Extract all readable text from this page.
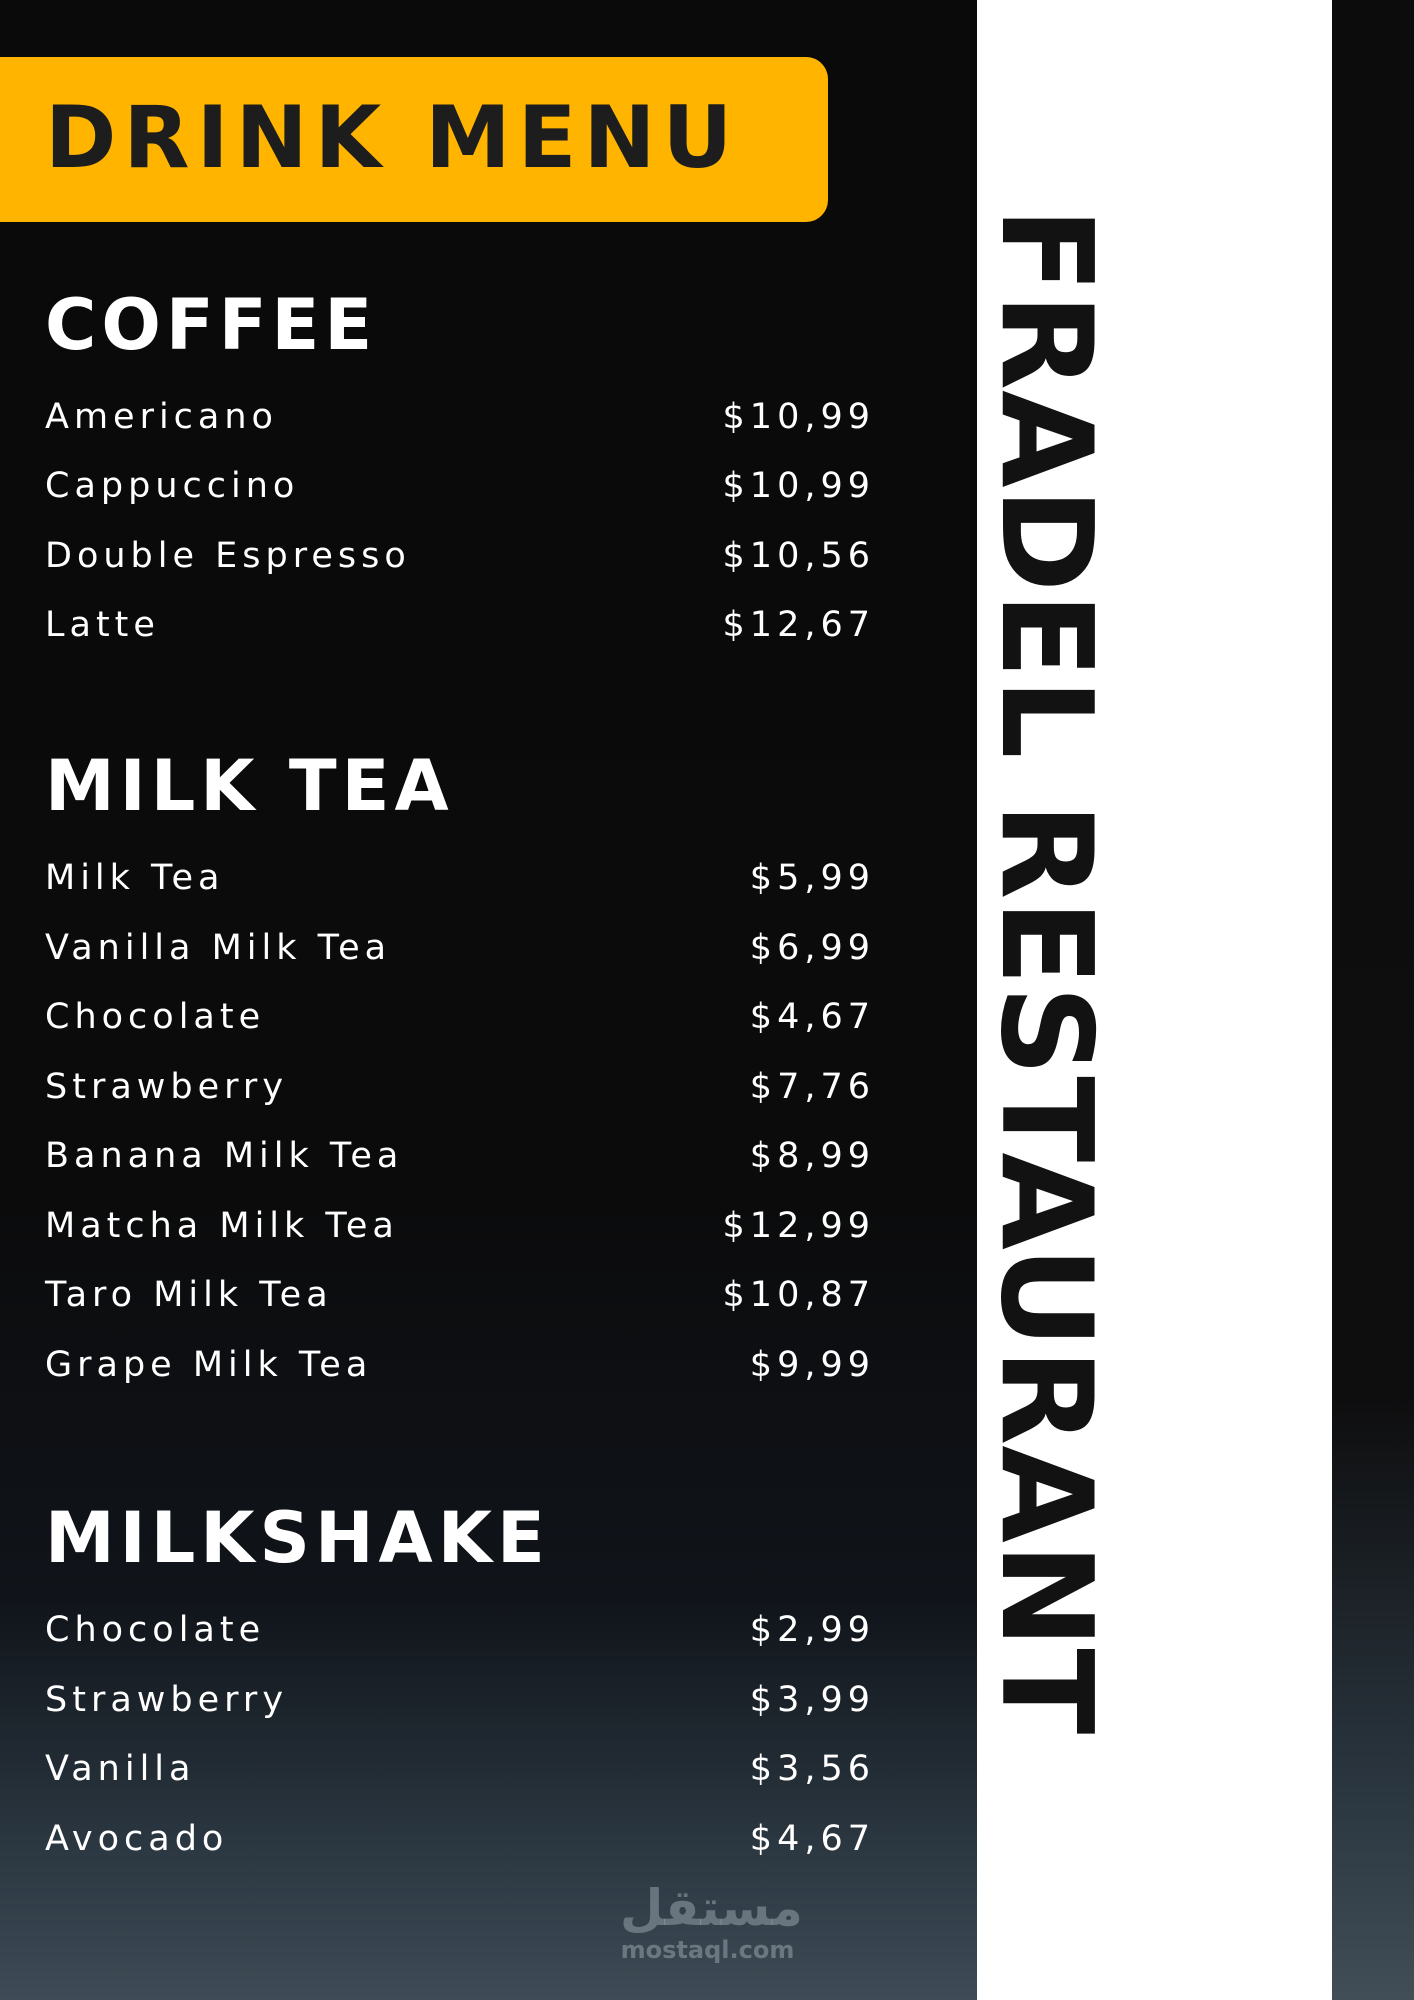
DRINK MENU
FRADEL RESTAURANT
COFFEE
Americano	$10,99
Cappuccino	$10,99
Double Espresso	$10,56
Latte	$12,67
MILK TEA
Milk Tea	$5,99
Vanilla Milk Tea	$6,99
Chocolate	$4,67
Strawberry	$7,76
Banana Milk Tea	$8,99
Matcha Milk Tea	$12,99
Taro Milk Tea	$10,87
Grape Milk Tea	$9,99
MILKSHAKE
Chocolate	$2,99
Strawberry	$3,99
Vanilla	$3,56
Avocado	$4,67
مستقل
mostaql.com
